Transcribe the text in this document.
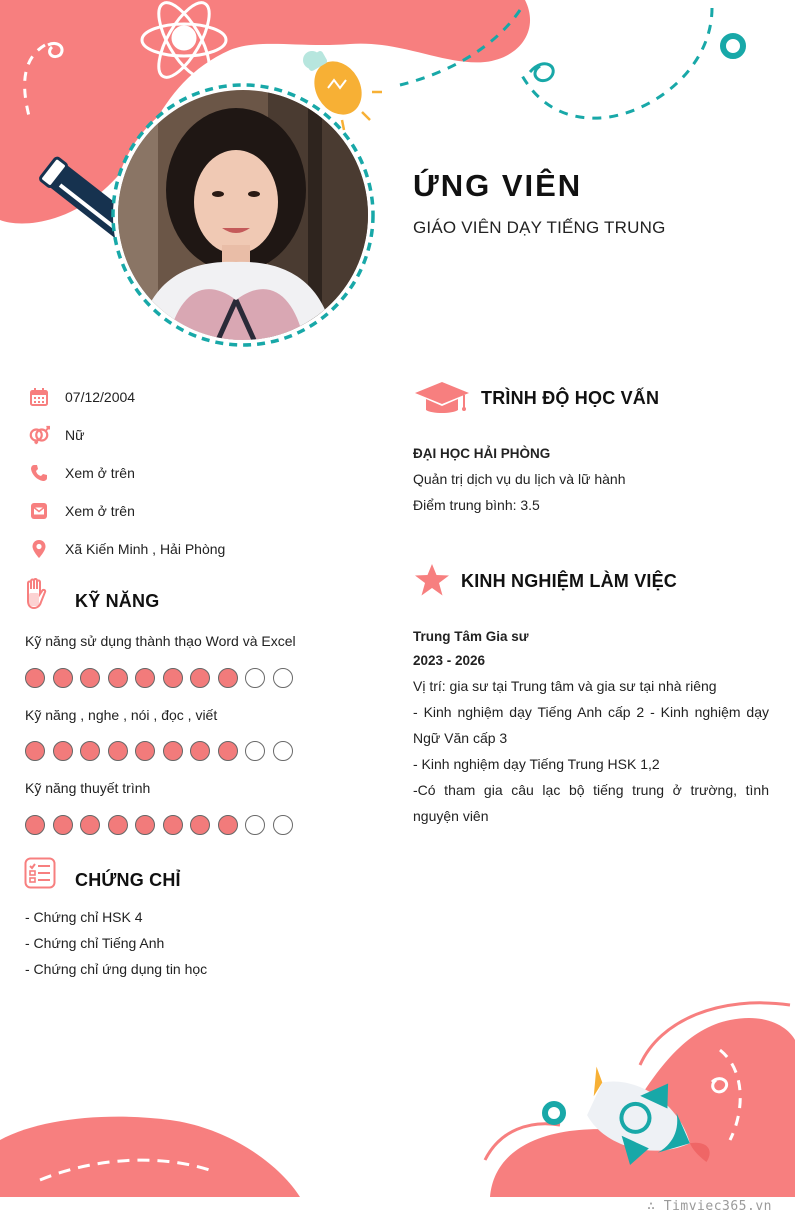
ỨNG VIÊN
GIÁO VIÊN DẠY TIẾNG TRUNG
07/12/2004
Nữ
Xem ở trên
Xem ở trên
Xã Kiến Minh , Hải Phòng
KỸ NĂNG
Kỹ năng sử dụng thành thạo Word và Excel
Kỹ năng , nghe , nói , đọc , viết
Kỹ năng thuyết trình
CHỨNG CHỈ
- Chứng chỉ HSK 4
- Chứng chỉ Tiếng Anh
- Chứng chỉ ứng dụng tin học
TRÌNH ĐỘ HỌC VẤN
ĐẠI HỌC HẢI PHÒNG
Quản trị dịch vụ du lịch và lữ hành
Điểm trung bình: 3.5
KINH NGHIỆM LÀM VIỆC
Trung Tâm Gia sư
2023 - 2026
Vị trí: gia sư tại Trung tâm và gia sư tại nhà riêng
- Kinh nghiệm dạy Tiếng Anh cấp 2 - Kinh nghiệm dạy Ngữ Văn cấp 3
- Kinh nghiệm dạy Tiếng Trung HSK 1,2
-Có tham gia câu lạc bộ tiếng trung ở trường, tình nguyện viên
∴ Timviec365.vn
